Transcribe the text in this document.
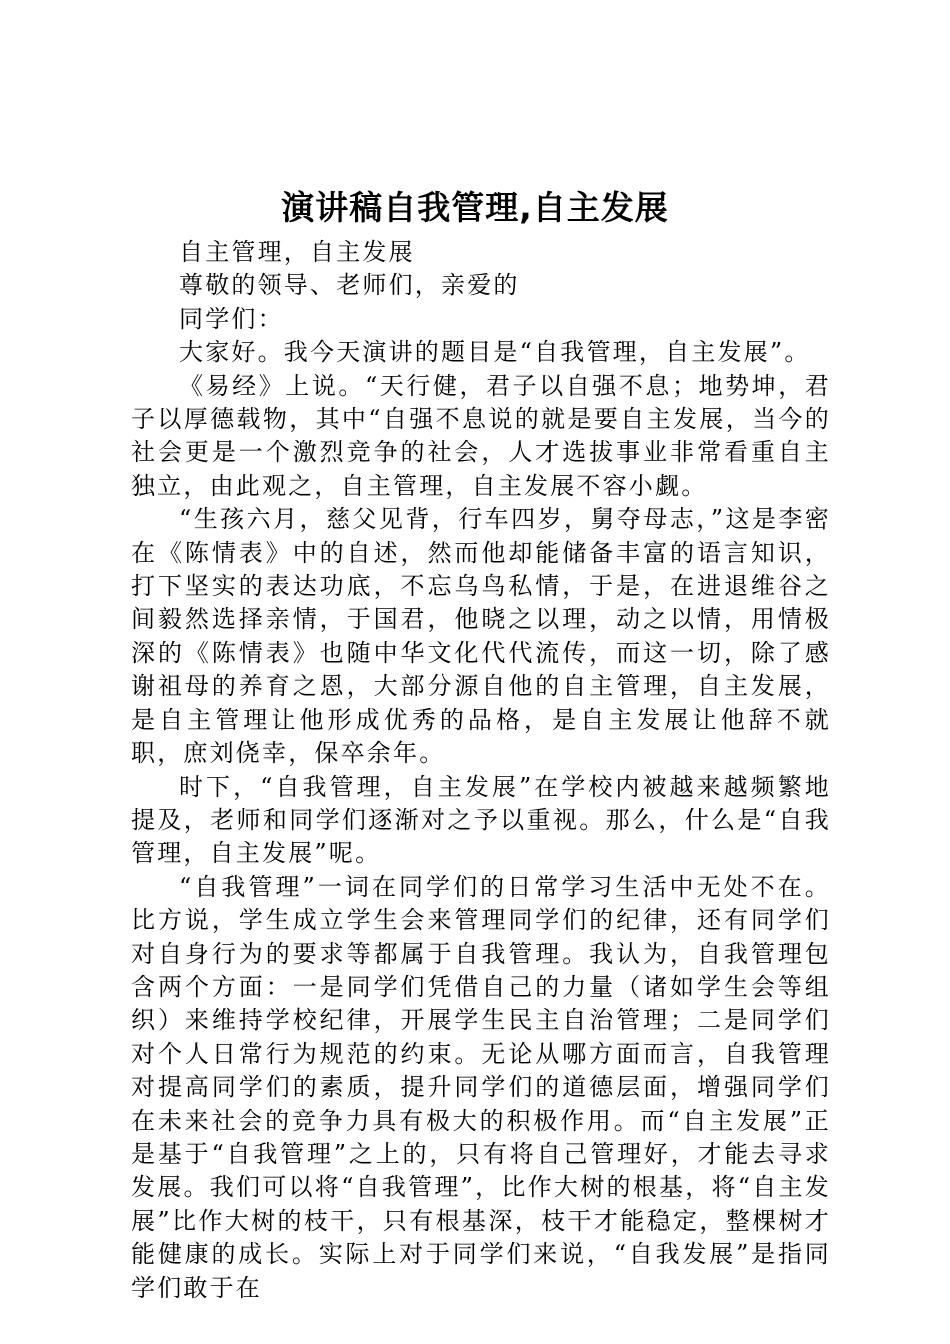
演讲稿自我管理,自主发展

自主管理，自主发展

尊敬的领导、老师们，亲爱的

同学们：

大家好。我今天演讲的题目是“自我管理，自主发展”。

《易经》上说。“天行健，君子以自强不息；地势坤，君子以厚德载物，其中“自强不息说的就是要自主发展，当今的社会更是一个激烈竞争的社会，人才选拔事业非常看重自主独立，由此观之，自主管理，自主发展不容小觑。

“生孩六月，慈父见背，行车四岁，舅夺母志，”这是李密在《陈情表》中的自述，然而他却能储备丰富的语言知识，打下坚实的表达功底，不忘乌鸟私情，于是，在进退维谷之间毅然选择亲情，于国君，他晓之以理，动之以情，用情极深的《陈情表》也随中华文化代代流传，而这一切，除了感谢祖母的养育之恩，大部分源自他的自主管理，自主发展，是自主管理让他形成优秀的品格，是自主发展让他辞不就职，庶刘侥幸，保卒余年。

时下，“自我管理，自主发展”在学校内被越来越频繁地提及，老师和同学们逐渐对之予以重视。那么，什么是“自我管理，自主发展”呢。

“自我管理”一词在同学们的日常学习生活中无处不在。比方说，学生成立学生会来管理同学们的纪律，还有同学们对自身行为的要求等都属于自我管理。我认为，自我管理包含两个方面：一是同学们凭借自己的力量（诸如学生会等组织）来维持学校纪律，开展学生民主自治管理；二是同学们对个人日常行为规范的约束。无论从哪方面而言，自我管理对提高同学们的素质，提升同学们的道德层面，增强同学们在未来社会的竞争力具有极大的积极作用。而“自主发展”正是基于“自我管理”之上的，只有将自己管理好，才能去寻求发展。我们可以将“自我管理”，比作大树的根基，将“自主发展”比作大树的枝干，只有根基深，枝干才能稳定，整棵树才能健康的成长。实际上对于同学们来说，“自我发展”是指同学们敢于在
